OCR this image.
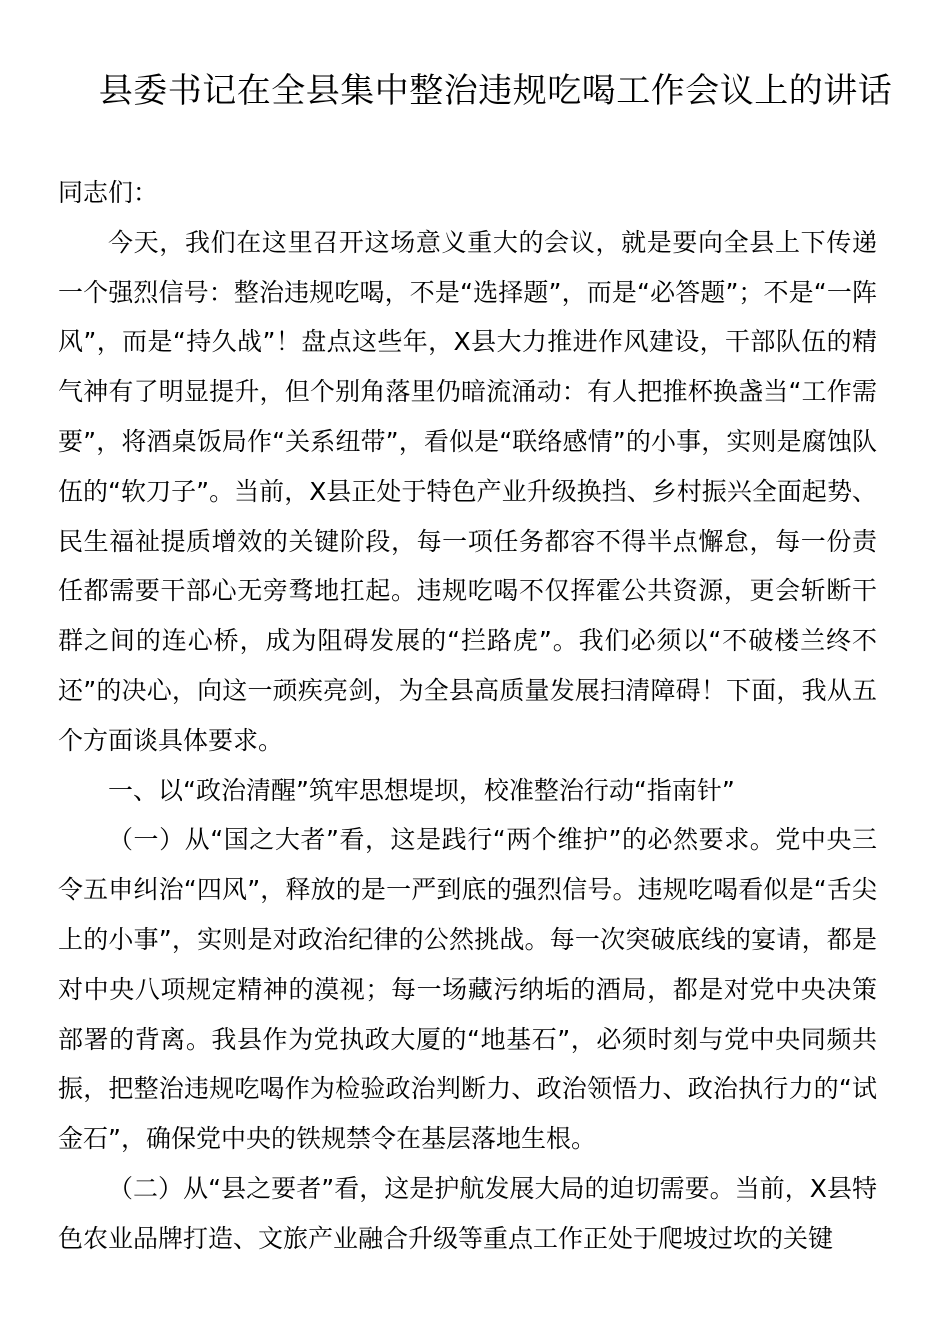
县委书记在全县集中整治违规吃喝工作会议上的讲话

同志们：

今天，我们在这里召开这场意义重大的会议，就是要向全县上下传递一个强烈信号：整治违规吃喝，不是“选择题”，而是“必答题”；不是“一阵风”，而是“持久战”！盘点这些年，X县大力推进作风建设，干部队伍的精气神有了明显提升，但个别角落里仍暗流涌动：有人把推杯换盏当“工作需要”，将酒桌饭局作“关系纽带”，看似是“联络感情”的小事，实则是腐蚀队伍的“软刀子”。当前，X县正处于特色产业升级换挡、乡村振兴全面起势、民生福祉提质增效的关键阶段，每一项任务都容不得半点懈怠，每一份责任都需要干部心无旁骛地扛起。违规吃喝不仅挥霍公共资源，更会斩断干群之间的连心桥，成为阻碍发展的“拦路虎”。我们必须以“不破楼兰终不还”的决心，向这一顽疾亮剑，为全县高质量发展扫清障碍！下面，我从五个方面谈具体要求。

一、以“政治清醒”筑牢思想堤坝，校准整治行动“指南针”

（一）从“国之大者”看，这是践行“两个维护”的必然要求。党中央三令五申纠治“四风”，释放的是一严到底的强烈信号。违规吃喝看似是“舌尖上的小事”，实则是对政治纪律的公然挑战。每一次突破底线的宴请，都是对中央八项规定精神的漠视；每一场藏污纳垢的酒局，都是对党中央决策部署的背离。我县作为党执政大厦的“地基石”，必须时刻与党中央同频共振，把整治违规吃喝作为检验政治判断力、政治领悟力、政治执行力的“试金石”，确保党中央的铁规禁令在基层落地生根。

（二）从“县之要者”看，这是护航发展大局的迫切需要。当前，X县特色农业品牌打造、文旅产业融合升级等重点工作正处于爬坡过坎的关键
